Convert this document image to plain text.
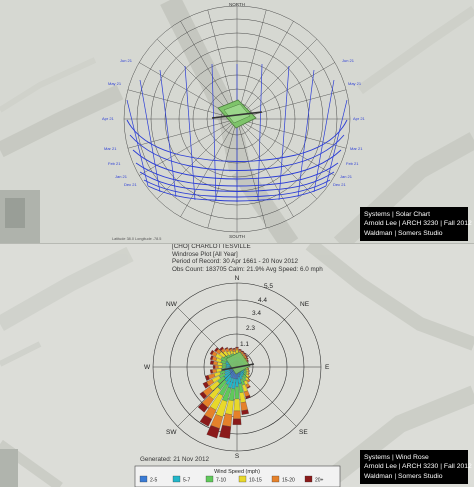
NORTH
SOUTH
Jun 21
May 21
Apr 21
Mar 21
Feb 21
Jan 21
Dec 21
Jun 21
May 21
Apr 21
Mar 21
Feb 21
Jan 21
Dec 21
Latitude 38.0 Longitude -78.5
Systems | Solar Chart
Arnold Lee | ARCH 3230 | Fall 2012
Waldman | Somers Studio
5.5
4.4
3.4
2.3
1.1
N
NE
E
SE
S
SW
W
NW
Wind Speed (mph)
2-5	5-7	7-10	10-15	15-20	20+
[CHO] CHARLOTTESVILLE
Windrose Plot [All Year]
Period of Record: 30 Apr 1661 - 20 Nov 2012
Obs Count: 183705 Calm: 21.9% Avg Speed: 6.0 mph
Generated: 21 Nov 2012	Systems | Wind Rose
Arnold Lee | ARCH 3230 | Fall 2012
Waldman | Somers Studio
